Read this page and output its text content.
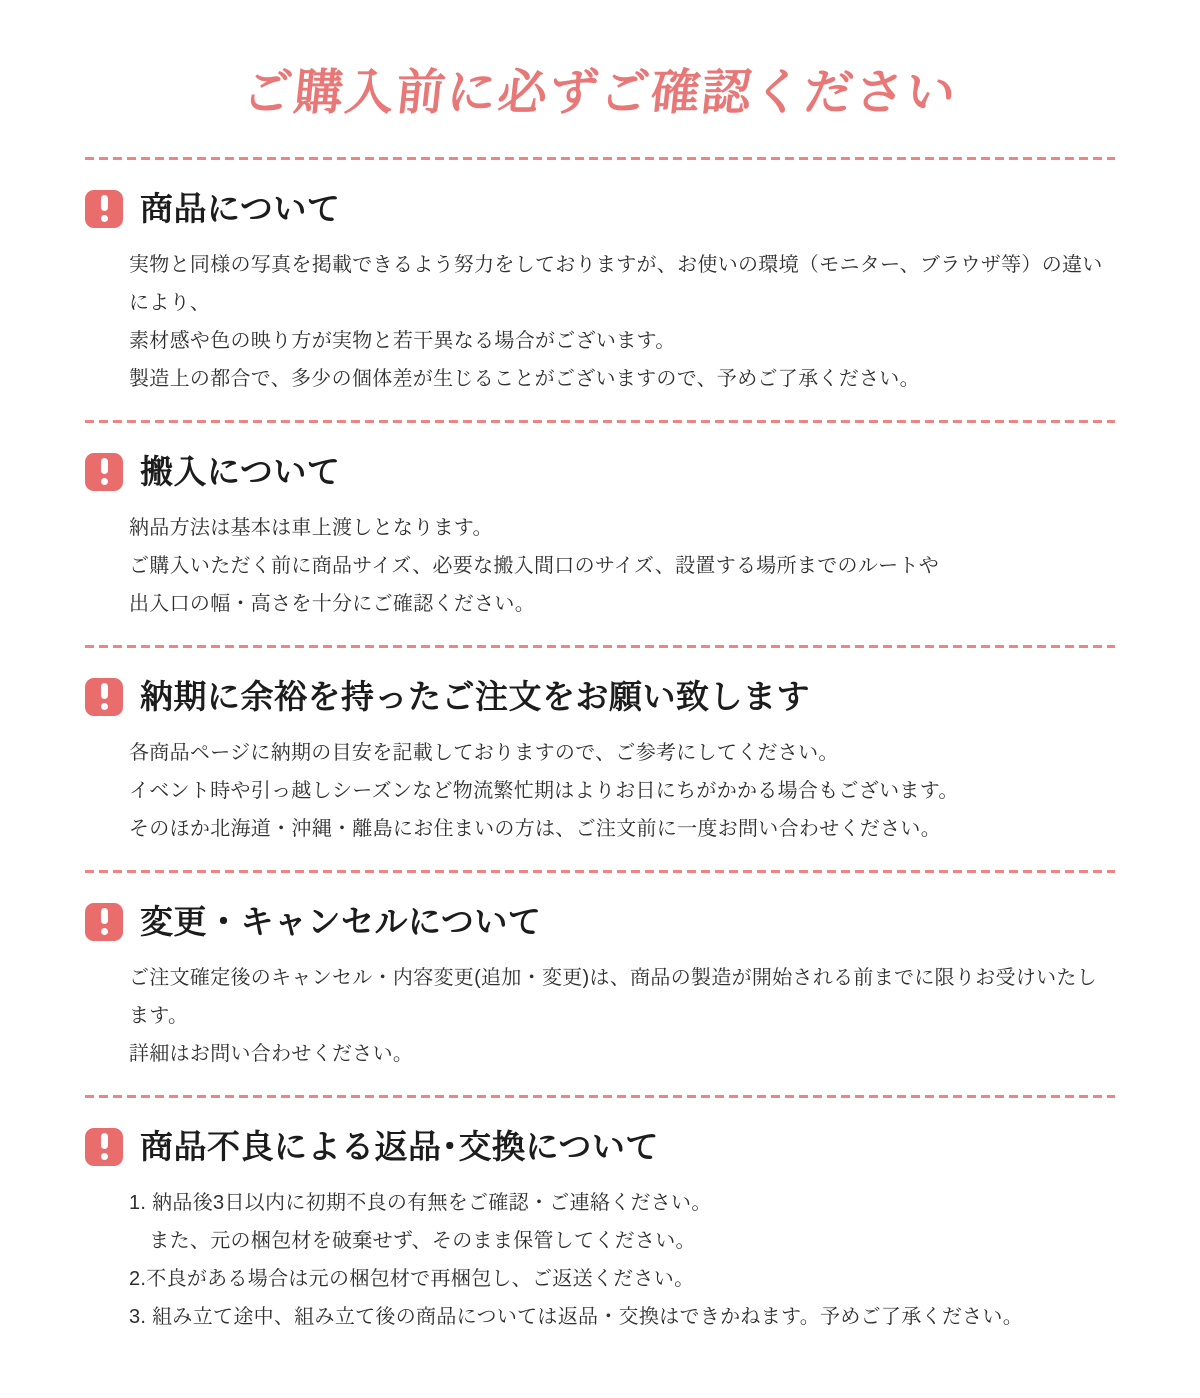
ご購入前に必ずご確認ください
商品について

実物と同様の写真を掲載できるよう努力をしておりますが、お使いの環境（モニター、ブラウザ等）の違いにより、

素材感や色の映り方が実物と若干異なる場合がございます。

製造上の都合で、多少の個体差が生じることがございますので、予めご了承ください。

搬入について

納品方法は基本は車上渡しとなります。

ご購入いただく前に商品サイズ、必要な搬入間口のサイズ、設置する場所までのルートや

出入口の幅・高さを十分にご確認ください。

納期に余裕を持ったご注文をお願い致します

各商品ページに納期の目安を記載しておりますので、ご参考にしてください。

イベント時や引っ越しシーズンなど物流繁忙期はよりお日にちがかかる場合もございます。

そのほか北海道・沖縄・離島にお住まいの方は、ご注文前に一度お問い合わせください。

変更・キャンセルについて

ご注文確定後のキャンセル・内容変更(追加・変更)は、商品の製造が開始される前までに限りお受けいたします。

詳細はお問い合わせください。

商品不良による返品･交換について

1. 納品後3日以内に初期不良の有無をご確認・ご連絡ください。

　また、元の梱包材を破棄せず、そのまま保管してください。

2.不良がある場合は元の梱包材で再梱包し、ご返送ください。

3. 組み立て途中、組み立て後の商品については返品・交換はできかねます。予めご了承ください。
